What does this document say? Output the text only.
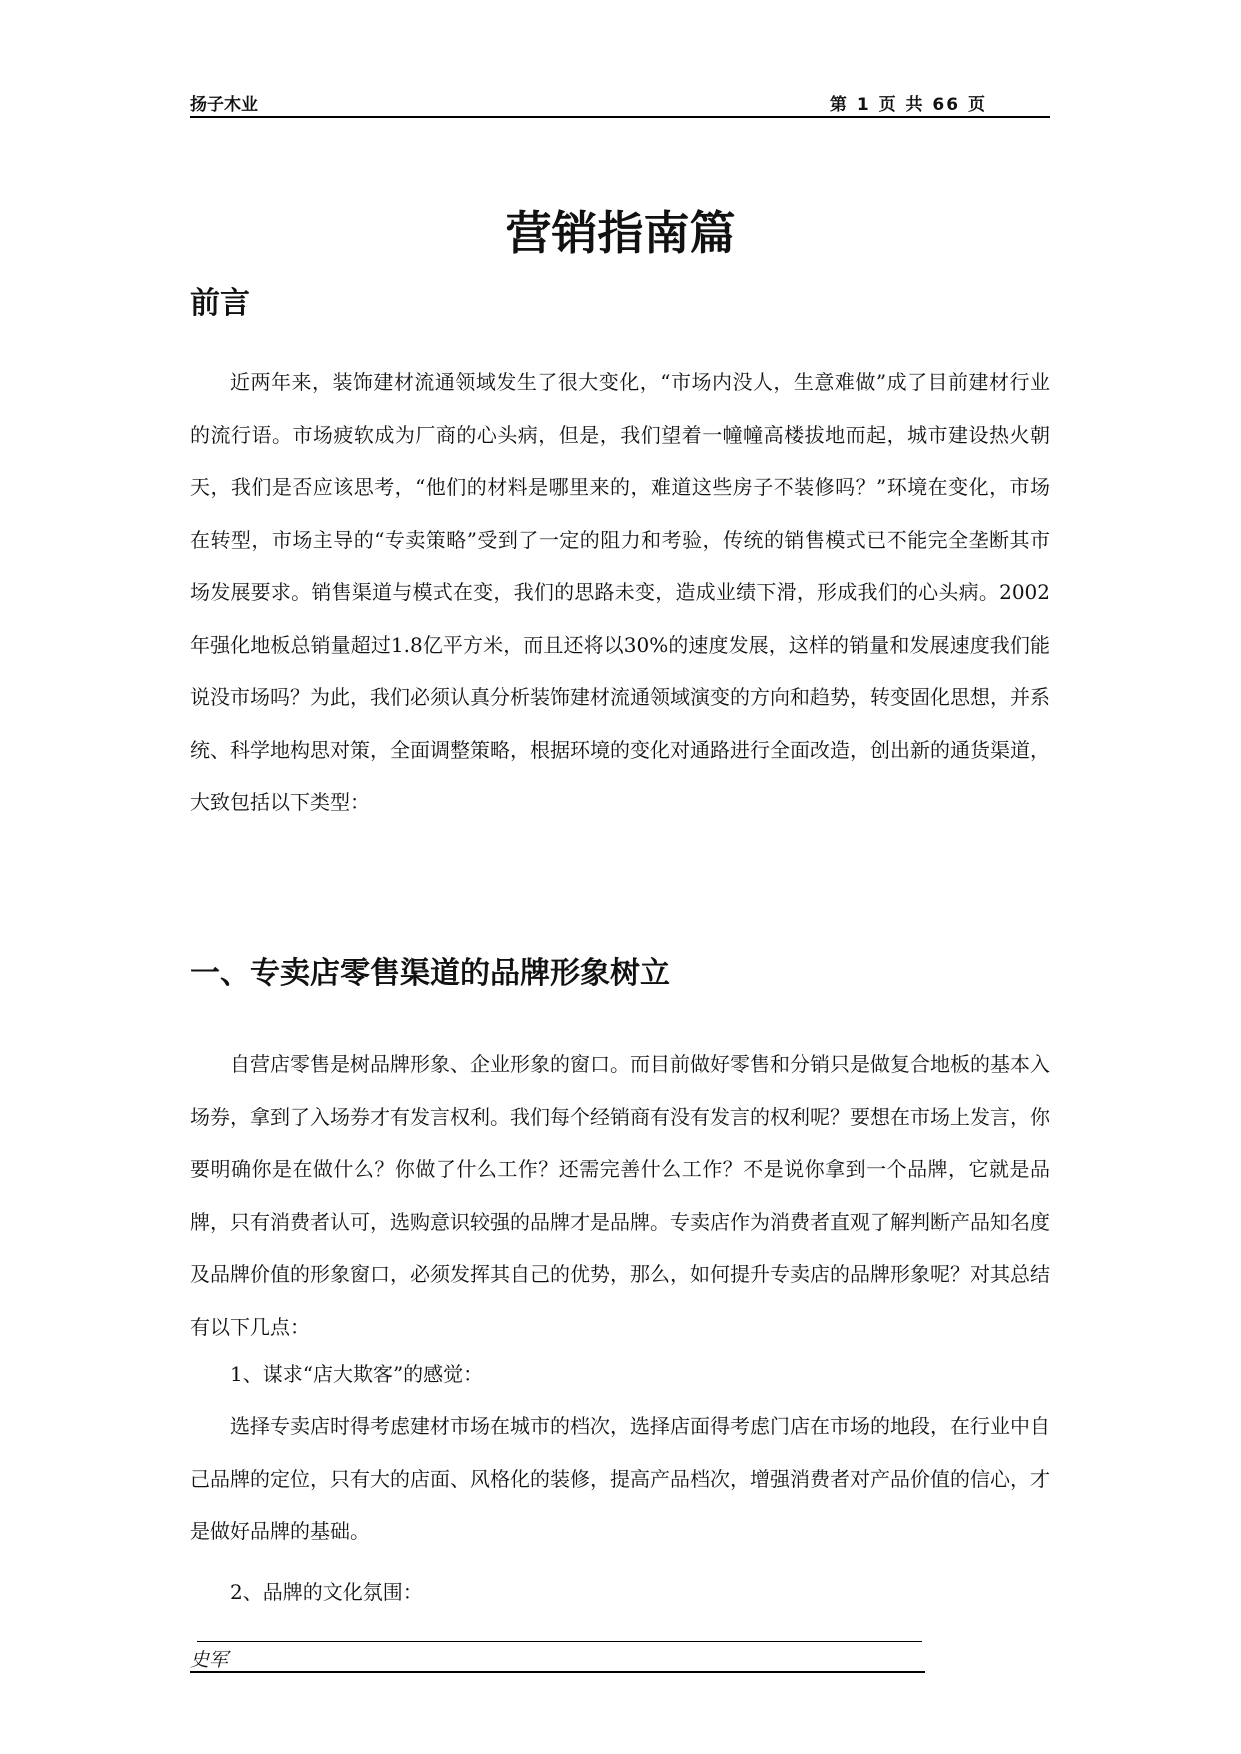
扬子木业	第 1 页 共 66 页
营销指南篇
前言
近两年来，装饰建材流通领域发生了很大变化，“市场内没人，生意难做”成了目前建材行业的流行语。市场疲软成为厂商的心头病，但是，我们望着一幢幢高楼拔地而起，城市建设热火朝天，我们是否应该思考，“他们的材料是哪里来的，难道这些房子不装修吗？”环境在变化，市场在转型，市场主导的“专卖策略”受到了一定的阻力和考验，传统的销售模式已不能完全垄断其市场发展要求。销售渠道与模式在变，我们的思路未变，造成业绩下滑，形成我们的心头病。2002年强化地板总销量超过1.8亿平方米，而且还将以30%的速度发展，这样的销量和发展速度我们能说没市场吗？为此，我们必须认真分析装饰建材流通领域演变的方向和趋势，转变固化思想，并系统、科学地构思对策，全面调整策略，根据环境的变化对通路进行全面改造，创出新的通货渠道，大致包括以下类型：
一、专卖店零售渠道的品牌形象树立
自营店零售是树品牌形象、企业形象的窗口。而目前做好零售和分销只是做复合地板的基本入场券，拿到了入场券才有发言权利。我们每个经销商有没有发言的权利呢？要想在市场上发言，你要明确你是在做什么？你做了什么工作？还需完善什么工作？不是说你拿到一个品牌，它就是品牌，只有消费者认可，选购意识较强的品牌才是品牌。专卖店作为消费者直观了解判断产品知名度及品牌价值的形象窗口，必须发挥其自己的优势，那么，如何提升专卖店的品牌形象呢？对其总结有以下几点：
1、谋求“店大欺客”的感觉：
选择专卖店时得考虑建材市场在城市的档次，选择店面得考虑门店在市场的地段，在行业中自己品牌的定位，只有大的店面、风格化的装修，提高产品档次，增强消费者对产品价值的信心，才是做好品牌的基础。
2、品牌的文化氛围：
史军
